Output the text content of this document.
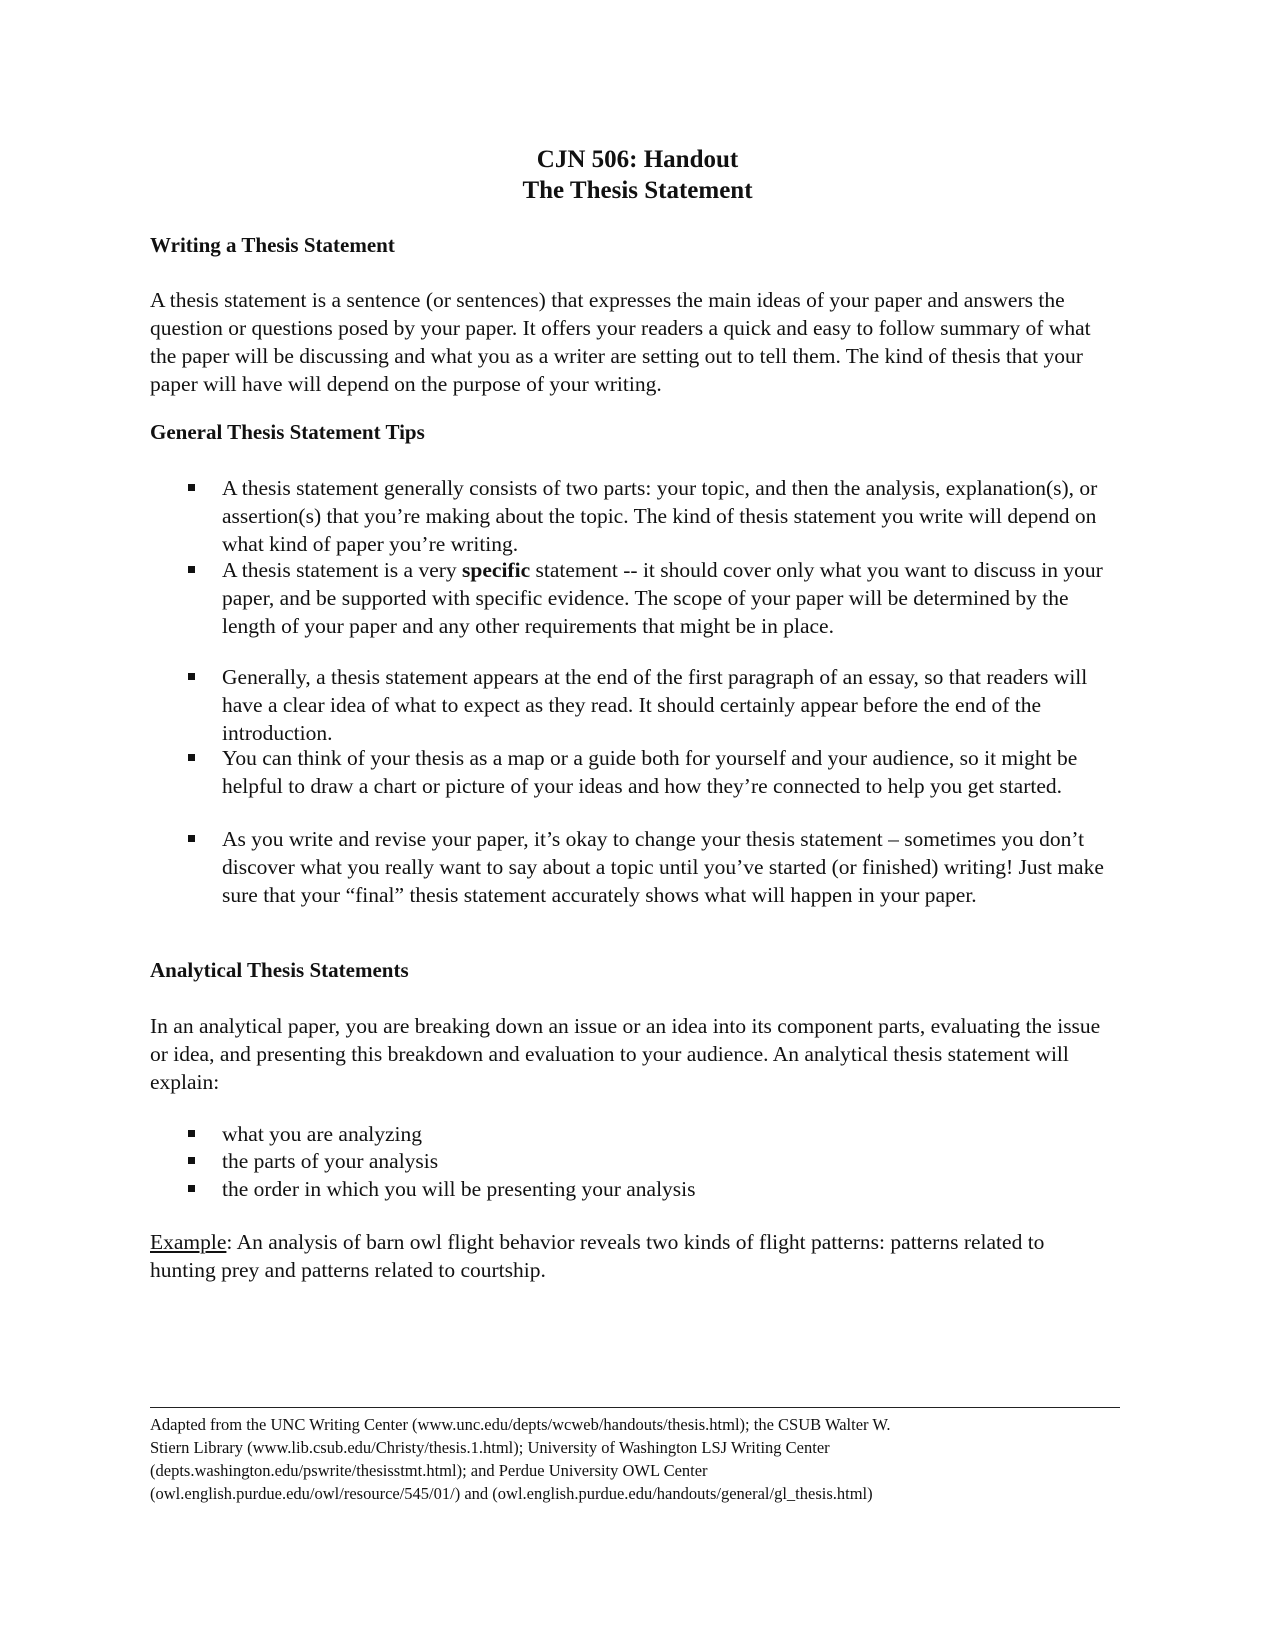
CJN 506: Handout
The Thesis Statement
Writing a Thesis Statement
A thesis statement is a sentence (or sentences) that expresses the main ideas of your paper and answers the question or questions posed by your paper. It offers your readers a quick and easy to follow summary of what the paper will be discussing and what you as a writer are setting out to tell them. The kind of thesis that your paper will have will depend on the purpose of your writing.
General Thesis Statement Tips
A thesis statement generally consists of two parts: your topic, and then the analysis, explanation(s), or assertion(s) that you’re making about the topic. The kind of thesis statement you write will depend on what kind of paper you’re writing.
A thesis statement is a very specific statement -- it should cover only what you want to discuss in your paper, and be supported with specific evidence. The scope of your paper will be determined by the length of your paper and any other requirements that might be in place.
Generally, a thesis statement appears at the end of the first paragraph of an essay, so that readers will have a clear idea of what to expect as they read. It should certainly appear before the end of the introduction.
You can think of your thesis as a map or a guide both for yourself and your audience, so it might be helpful to draw a chart or picture of your ideas and how they’re connected to help you get started.
As you write and revise your paper, it’s okay to change your thesis statement – sometimes you don’t discover what you really want to say about a topic until you’ve started (or finished) writing! Just make sure that your “final” thesis statement accurately shows what will happen in your paper.
Analytical Thesis Statements
In an analytical paper, you are breaking down an issue or an idea into its component parts, evaluating the issue or idea, and presenting this breakdown and evaluation to your audience. An analytical thesis statement will explain:
what you are analyzing
the parts of your analysis
the order in which you will be presenting your analysis
Example: An analysis of barn owl flight behavior reveals two kinds of flight patterns: patterns related to hunting prey and patterns related to courtship.
Adapted from the UNC Writing Center (www.unc.edu/depts/wcweb/handouts/thesis.html); the CSUB Walter W.
Stiern Library (www.lib.csub.edu/Christy/thesis.1.html); University of Washington LSJ Writing Center
(depts.washington.edu/pswrite/thesisstmt.html); and Perdue University OWL Center
(owl.english.purdue.edu/owl/resource/545/01/) and (owl.english.purdue.edu/handouts/general/gl_thesis.html)
